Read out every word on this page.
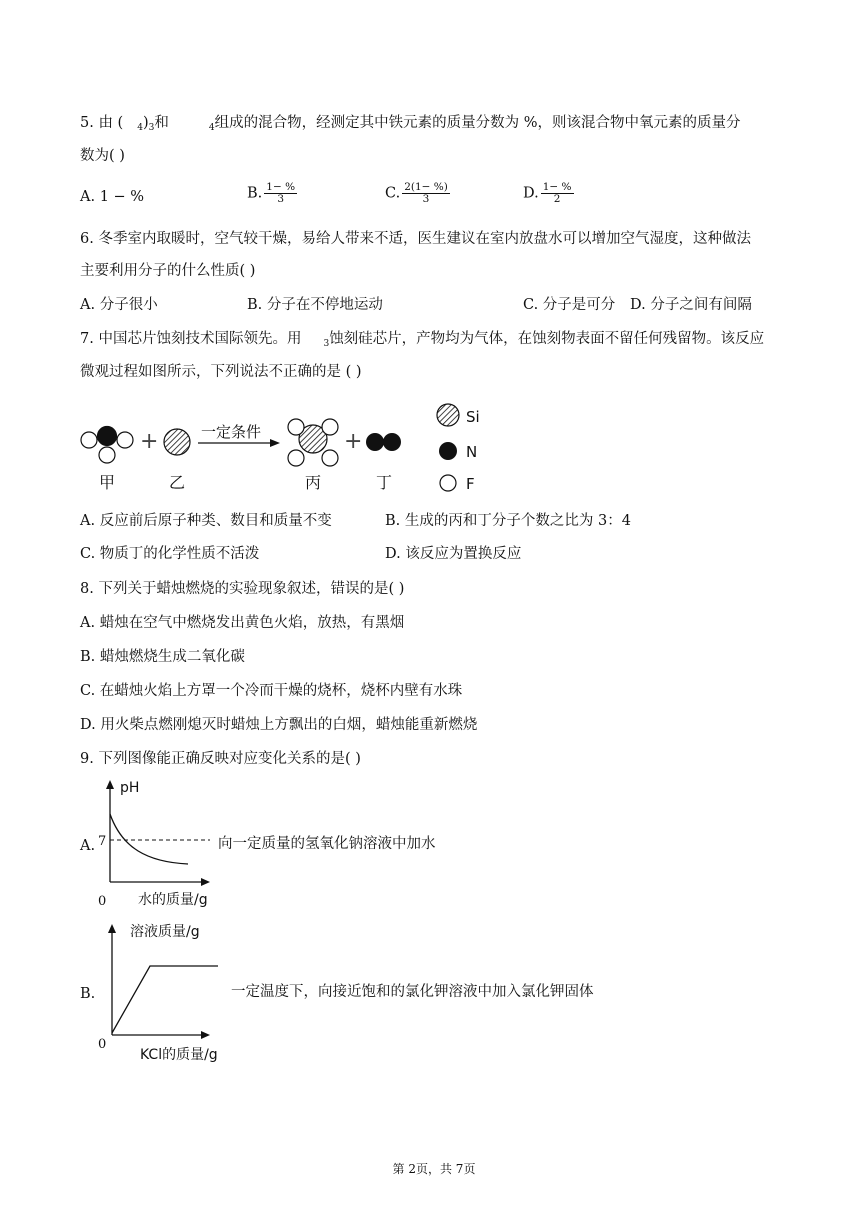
5. 由 ( $_4)_3$和	$_4$组成的混合物，经测定其中铁元素的质量分数为 %，则该混合物中氧元素的质量分
数为( )
A. 1 − %	B. $\frac{1- \%}{3}$	C. $\frac{2(1- \%)}{3}$	D. $\frac{1- \%}{2}$
6. 冬季室内取暖时，空气较干燥，易给人带来不适，医生建议在室内放盘水可以增加空气湿度，这种做法
主要利用分子的什么性质( )
A. 分子很小	B. 分子在不停地运动	C. 分子是可分 D. 分子之间有间隔
7. 中国芯片蚀刻技术国际领先。用 $_3$蚀刻硅芯片，产物均为气体，在蚀刻物表面不留任何残留物。该反应
微观过程如图所示，下列说法不正确的是 ( )
+	一定条件	+
甲	乙	丙	丁
Si
N
F
A. 反应前后原子种类、数目和质量不变	B. 生成的丙和丁分子个数之比为 3：4
C. 物质丁的化学性质不活泼	D. 该反应为置换反应
8. 下列关于蜡烛燃烧的实验现象叙述，错误的是( )
A. 蜡烛在空气中燃烧发出黄色火焰，放热，有黑烟
B. 蜡烛燃烧生成二氧化碳
C. 在蜡烛火焰上方罩一个冷而干燥的烧杯，烧杯内壁有水珠
D. 用火柴点燃刚熄灭时蜡烛上方飘出的白烟，蜡烛能重新燃烧
9. 下列图像能正确反映对应变化关系的是( )
A.
pH
7
0 水的质量/g
向一定质量的氢氧化钠溶液中加水
B.
溶液质量/g
0
KCl的质量/g
一定温度下，向接近饱和的氯化钾溶液中加入氯化钾固体
第 2页，共 7页
